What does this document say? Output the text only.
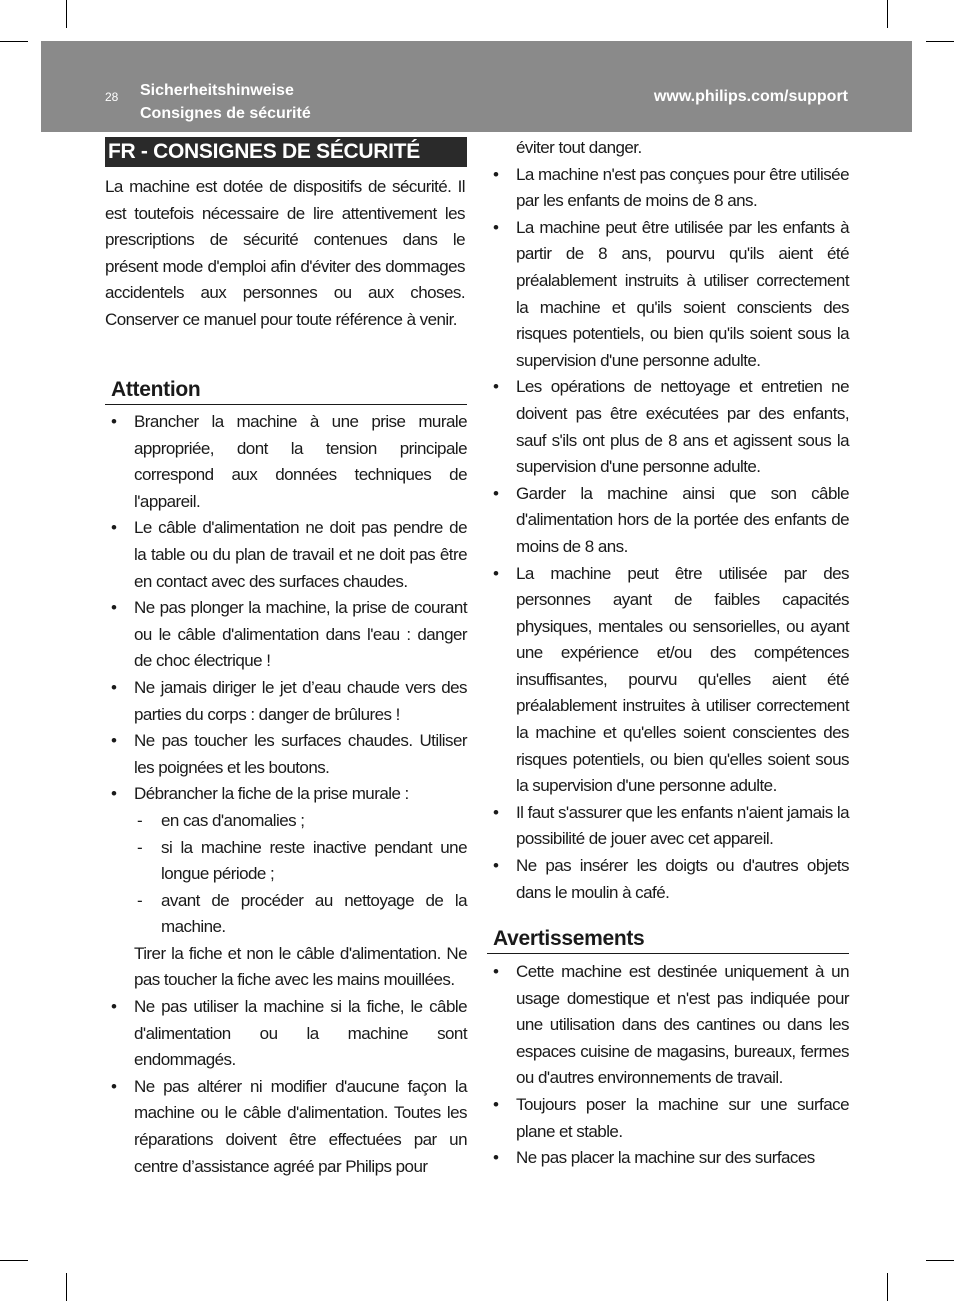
28 Sicherheitshinweise
Consignes de sécurité
www.philips.com/support
FR - CONSIGNES DE SÉCURITÉ
La machine est dotée de dispositifs de sécurité. Il est toutefois nécessaire de lire attentivement les prescriptions de sécurité contenues dans le présent mode d'emploi afin d'éviter des dommages accidentels aux personnes ou aux choses. Conserver ce manuel pour toute référence à venir.
Attention
• Brancher la machine à une prise murale appropriée, dont la tension principale correspond aux données techniques de l'appareil.
• Le câble d'alimentation ne doit pas pendre de la table ou du plan de travail et ne doit pas être en contact avec des surfaces chaudes.
• Ne pas plonger la machine, la prise de courant ou le câble d'alimentation dans l'eau : danger de choc électrique !
• Ne jamais diriger le jet d’eau chaude vers des parties du corps : danger de brûlures !
• Ne pas toucher les surfaces chaudes. Utiliser les poignées et les boutons.
• Débrancher la fiche de la prise murale :
- en cas d'anomalies ;
- si la machine reste inactive pendant une longue période ;
- avant de procéder au nettoyage de la machine.
Tirer la fiche et non le câble d'alimentation. Ne pas toucher la fiche avec les mains mouillées.
• Ne pas utiliser la machine si la fiche, le câble d'alimentation ou la machine sont endommagés.
• Ne pas altérer ni modifier d'aucune façon la machine ou le câble d'alimentation. Toutes les réparations doivent être effectuées par un centre d’assistance agréé par Philips pour
éviter tout danger.
• La machine n'est pas conçues pour être utilisée par les enfants de moins de 8 ans.
• La machine peut être utilisée par les enfants à partir de 8 ans, pourvu qu'ils aient été préalablement instruits à utiliser correctement la machine et qu'ils soient conscients des risques potentiels, ou bien qu'ils soient sous la supervision d'une personne adulte.
• Les opérations de nettoyage et entretien ne doivent pas être exécutées par des enfants, sauf s'ils ont plus de 8 ans et agissent sous la supervision d'une personne adulte.
• Garder la machine ainsi que son câble d'alimentation hors de la portée des enfants de moins de 8 ans.
• La machine peut être utilisée par des personnes ayant de faibles capacités physiques, mentales ou sensorielles, ou ayant une expérience et/ou des compétences insuffisantes, pourvu qu'elles aient été préalablement instruites à utiliser correctement la machine et qu'elles soient conscientes des risques potentiels, ou bien qu'elles soient sous la supervision d'une personne adulte.
• Il faut s'assurer que les enfants n'aient jamais la possibilité de jouer avec cet appareil.
• Ne pas insérer les doigts ou d'autres objets dans le moulin à café.
Avertissements
• Cette machine est destinée uniquement à un usage domestique et n'est pas indiquée pour une utilisation dans des cantines ou dans les espaces cuisine de magasins, bureaux, fermes ou d'autres environnements de travail.
• Toujours poser la machine sur une surface plane et stable.
• Ne pas placer la machine sur des surfaces
